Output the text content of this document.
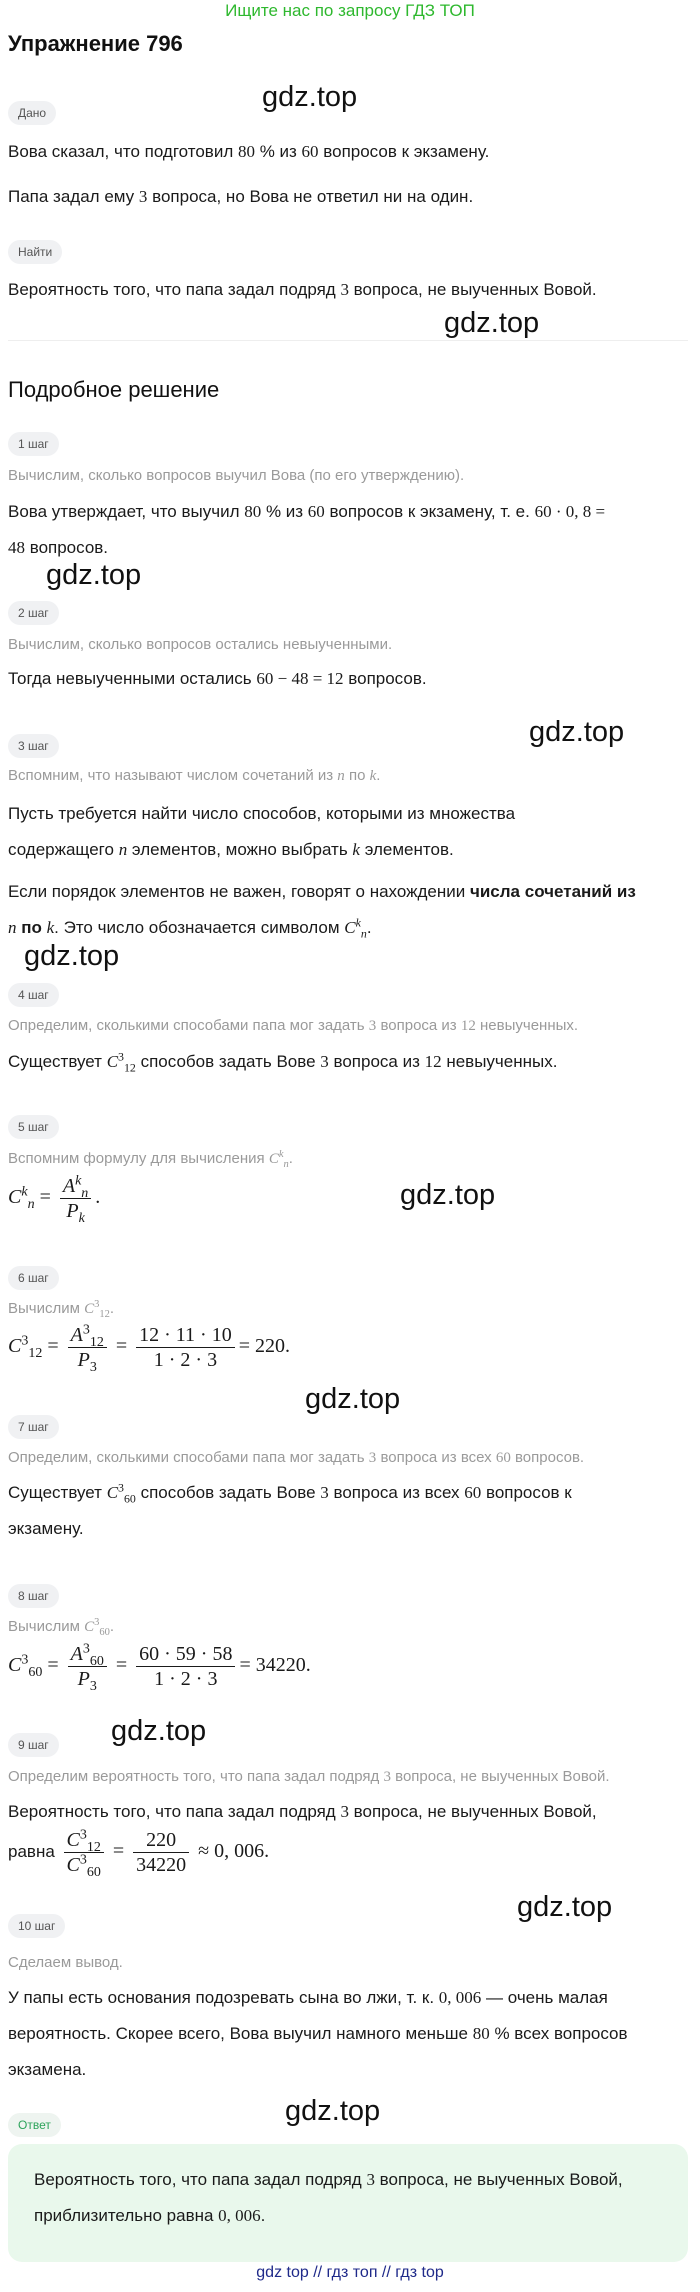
Ищите нас по запросу ГДЗ ТОП
Упражнение 796
Дано	gdz.top
Вова сказал, что подготовил 80 % из 60 вопросов к экзамену.
Папа задал ему 3 вопроса, но Вова не ответил ни на один.
Найти
Вероятность того, что папа задал подряд 3 вопроса, не выученных Вовой.
gdz.top
Подробное решение
1 шаг
Вычислим, сколько вопросов выучил Вова (по его утверждению).
Вова утверждает, что выучил 80 % из 60 вопросов к экзамену, т. е. 60 · 0, 8 =
48 вопросов.
gdz.top
2 шаг
Вычислим, сколько вопросов остались невыученными.
Тогда невыученными остались 60 − 48 = 12 вопросов.
gdz.top
3 шаг
Вспомним, что называют числом сочетаний из n по k.
Пусть требуется найти число способов, которыми из множества
содержащего n элементов, можно выбрать k элементов.
Если порядок элементов не важен, говорят о нахождении числа сочетаний из
n по k. Это число обозначается символом $C^k_n$.
gdz.top
4 шаг
Определим, сколькими способами папа мог задать 3 вопроса из 12 невыученных.
Существует $C^3_{12}$ способов задать Вове 3 вопроса из 12 невыученных.
5 шаг
Вспомним формулу для вычисления $C^k_n$.
$C^k_n = \frac{A^k_n}{P_k}$ .	gdz.top
6 шаг
Вычислим $C^3_{12}$.
$C^3_{12} = \frac{A^3_{12}}{P_3} = \frac{12 \cdot 11 \cdot 10}{1 \cdot 2 \cdot 3} = 220$.
gdz.top
7 шаг
Определим, сколькими способами папа мог задать 3 вопроса из всех 60 вопросов.
Существует $C^3_{60}$ способов задать Вове 3 вопроса из всех 60 вопросов к
экзамену.
8 шаг
Вычислим $C^3_{60}$.
$C^3_{60} = \frac{A^3_{60}}{P_3} = \frac{60 \cdot 59 \cdot 58}{1 \cdot 2 \cdot 3} = 34220$.
9 шаг	gdz.top
Определим вероятность того, что папа задал подряд 3 вопроса, не выученных Вовой.
Вероятность того, что папа задал подряд 3 вопроса, не выученных Вовой,
равна $\frac{C^3_{12}}{C^3_{60}} = \frac{220}{34220} \approx 0$, 006.
gdz.top
10 шаг
Сделаем вывод.
У папы есть основания подозревать сына во лжи, т. к. 0, 006 — очень малая
вероятность. Скорее всего, Вова выучил намного меньше 80 % всех вопросов
экзамена.
Ответ	gdz.top
Вероятность того, что папа задал подряд 3 вопроса, не выученных Вовой,
приблизительно равна 0, 006.
gdz top // гдз топ // гдз top
